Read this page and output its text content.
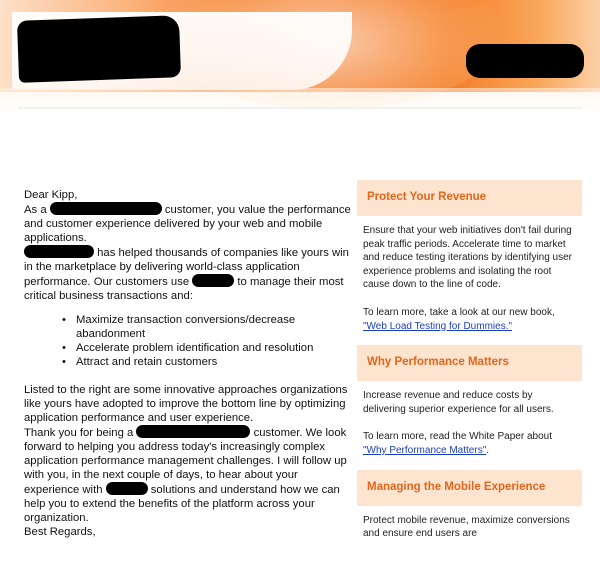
Dear Kipp,

As a	customer, you value the performance and customer experience delivered by your web and mobile applications.

has helped thousands of companies like yours win in the marketplace by delivering world-class application performance. Our customers use	to manage their most critical business transactions and:

• Maximize transaction conversions/decrease abandonment
• Accelerate problem identification and resolution
• Attract and retain customers

Listed to the right are some innovative approaches organizations like yours have adopted to improve the bottom line by optimizing application performance and user experience.

Thank you for being a	customer. We look forward to helping you address today's increasingly complex application performance management challenges. I will follow up with you, in the next couple of days, to hear about your experience with	solutions and understand how we can help you to extend the benefits of the platform across your organization.

Best Regards,

Protect Your Revenue

Ensure that your web initiatives don't fail during peak traffic periods. Accelerate time to market and reduce testing iterations by identifying user experience problems and isolating the root cause down to the line of code.

To learn more, take a look at our new book, "Web Load Testing for Dummies."

Why Performance Matters

Increase revenue and reduce costs by delivering superior experience for all users.

To learn more, read the White Paper about "Why Performance Matters".

Managing the Mobile Experience

Protect mobile revenue, maximize conversions and ensure end users are
